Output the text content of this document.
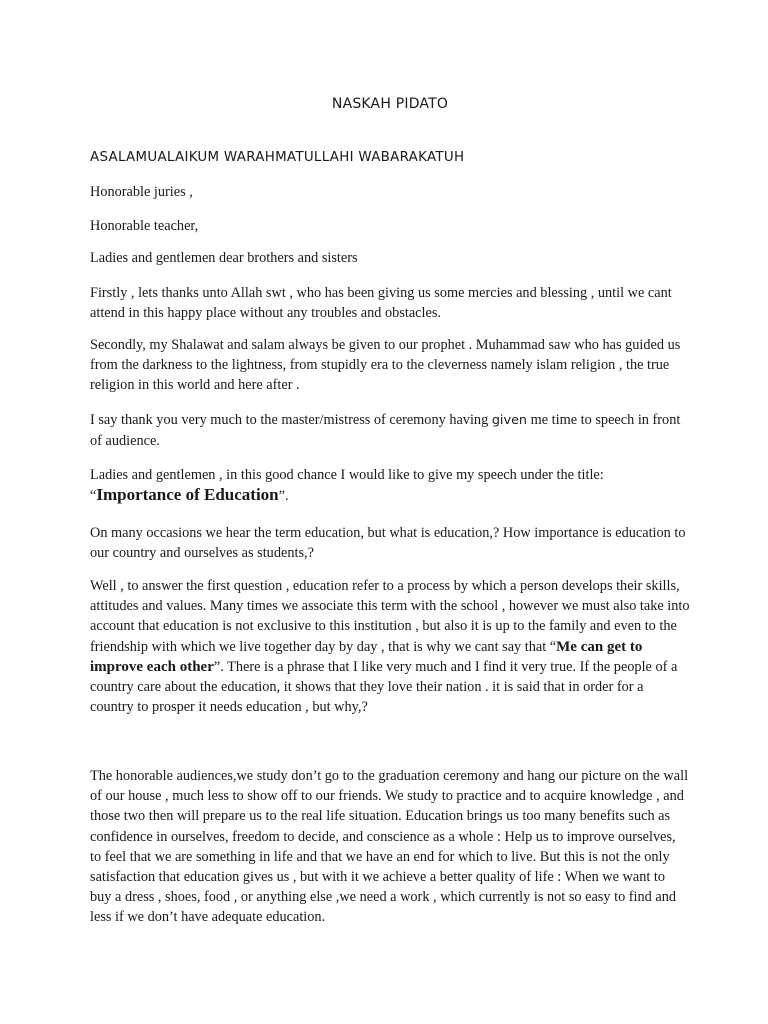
NASKAH PIDATO

ASALAMUALAIKUM WARAHMATULLAHI WABARAKATUH

Honorable juries ,

Honorable teacher,

Ladies and gentlemen dear brothers and sisters

Firstly , lets thanks unto Allah swt , who has been giving us some mercies and blessing , until we cant attend in this happy place without any troubles and obstacles.

Secondly, my Shalawat and salam always be given to our prophet . Muhammad saw who has guided us from the darkness to the lightness, from stupidly era to the cleverness namely islam religion , the true religion in this world and here after .

I say thank you very much to the master/mistress of ceremony having given me time to speech in front of audience.

Ladies and gentlemen , in this good chance I would like to give my speech under the title:
“Importance of Education”.

On many occasions we hear the term education, but what is education,? How importance is education to our country and ourselves as students,?

Well , to answer the first question , education refer to a process by which a person develops their skills, attitudes and values. Many times we associate this term with the school , however we must also take into account that education is not exclusive to this institution , but also it is up to the family and even to the friendship with which we live together day by day , that is why we cant say that “Me can get to improve each other”. There is a phrase that I like very much and I find it very true. If the people of a country care about the education, it shows that they love their nation . it is said that in order for a country to prosper it needs education , but why,?

The honorable audiences,we study don’t go to the graduation ceremony and hang our picture on the wall of our house , much less to show off to our friends. We study to practice and to acquire knowledge , and those two then will prepare us to the real life situation. Education brings us too many benefits such as confidence in ourselves, freedom to decide, and conscience as a whole : Help us to improve ourselves, to feel that we are something in life and that we have an end for which to live. But this is not the only satisfaction that education gives us , but with it we achieve a better quality of life : When we want to buy a dress , shoes, food , or anything else ,we need a work , which currently is not so easy to find and less if we don’t have adequate education.
